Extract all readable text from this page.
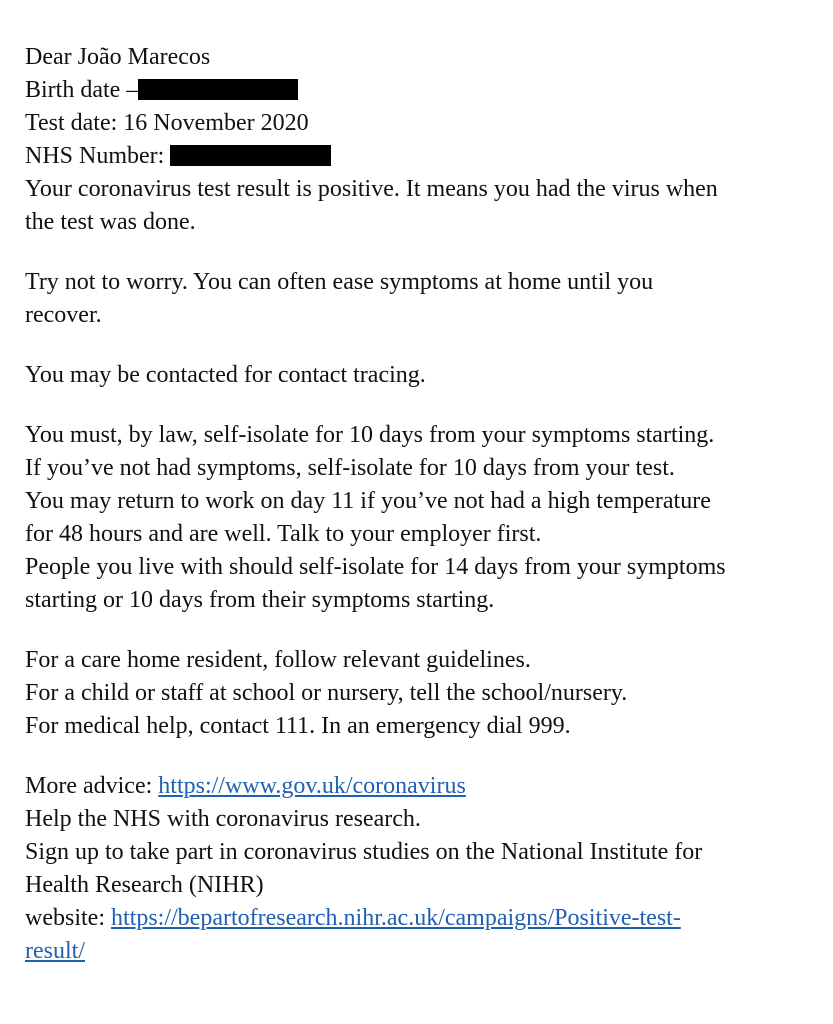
Dear João Marecos
Birth date –
Test date: 16 November 2020
NHS Number:
Your coronavirus test result is positive. It means you had the virus when
the test was done.
Try not to worry. You can often ease symptoms at home until you
recover.
You may be contacted for contact tracing.
You must, by law, self-isolate for 10 days from your symptoms starting.
If you’ve not had symptoms, self-isolate for 10 days from your test.
You may return to work on day 11 if you’ve not had a high temperature
for 48 hours and are well. Talk to your employer first.
People you live with should self-isolate for 14 days from your symptoms
starting or 10 days from their symptoms starting.
For a care home resident, follow relevant guidelines.
For a child or staff at school or nursery, tell the school/nursery.
For medical help, contact 111. In an emergency dial 999.
More advice: https://www.gov.uk/coronavirus
Help the NHS with coronavirus research.
Sign up to take part in coronavirus studies on the National Institute for
Health Research (NIHR)
website: https://bepartofresearch.nihr.ac.uk/campaigns/Positive-test-
result/
